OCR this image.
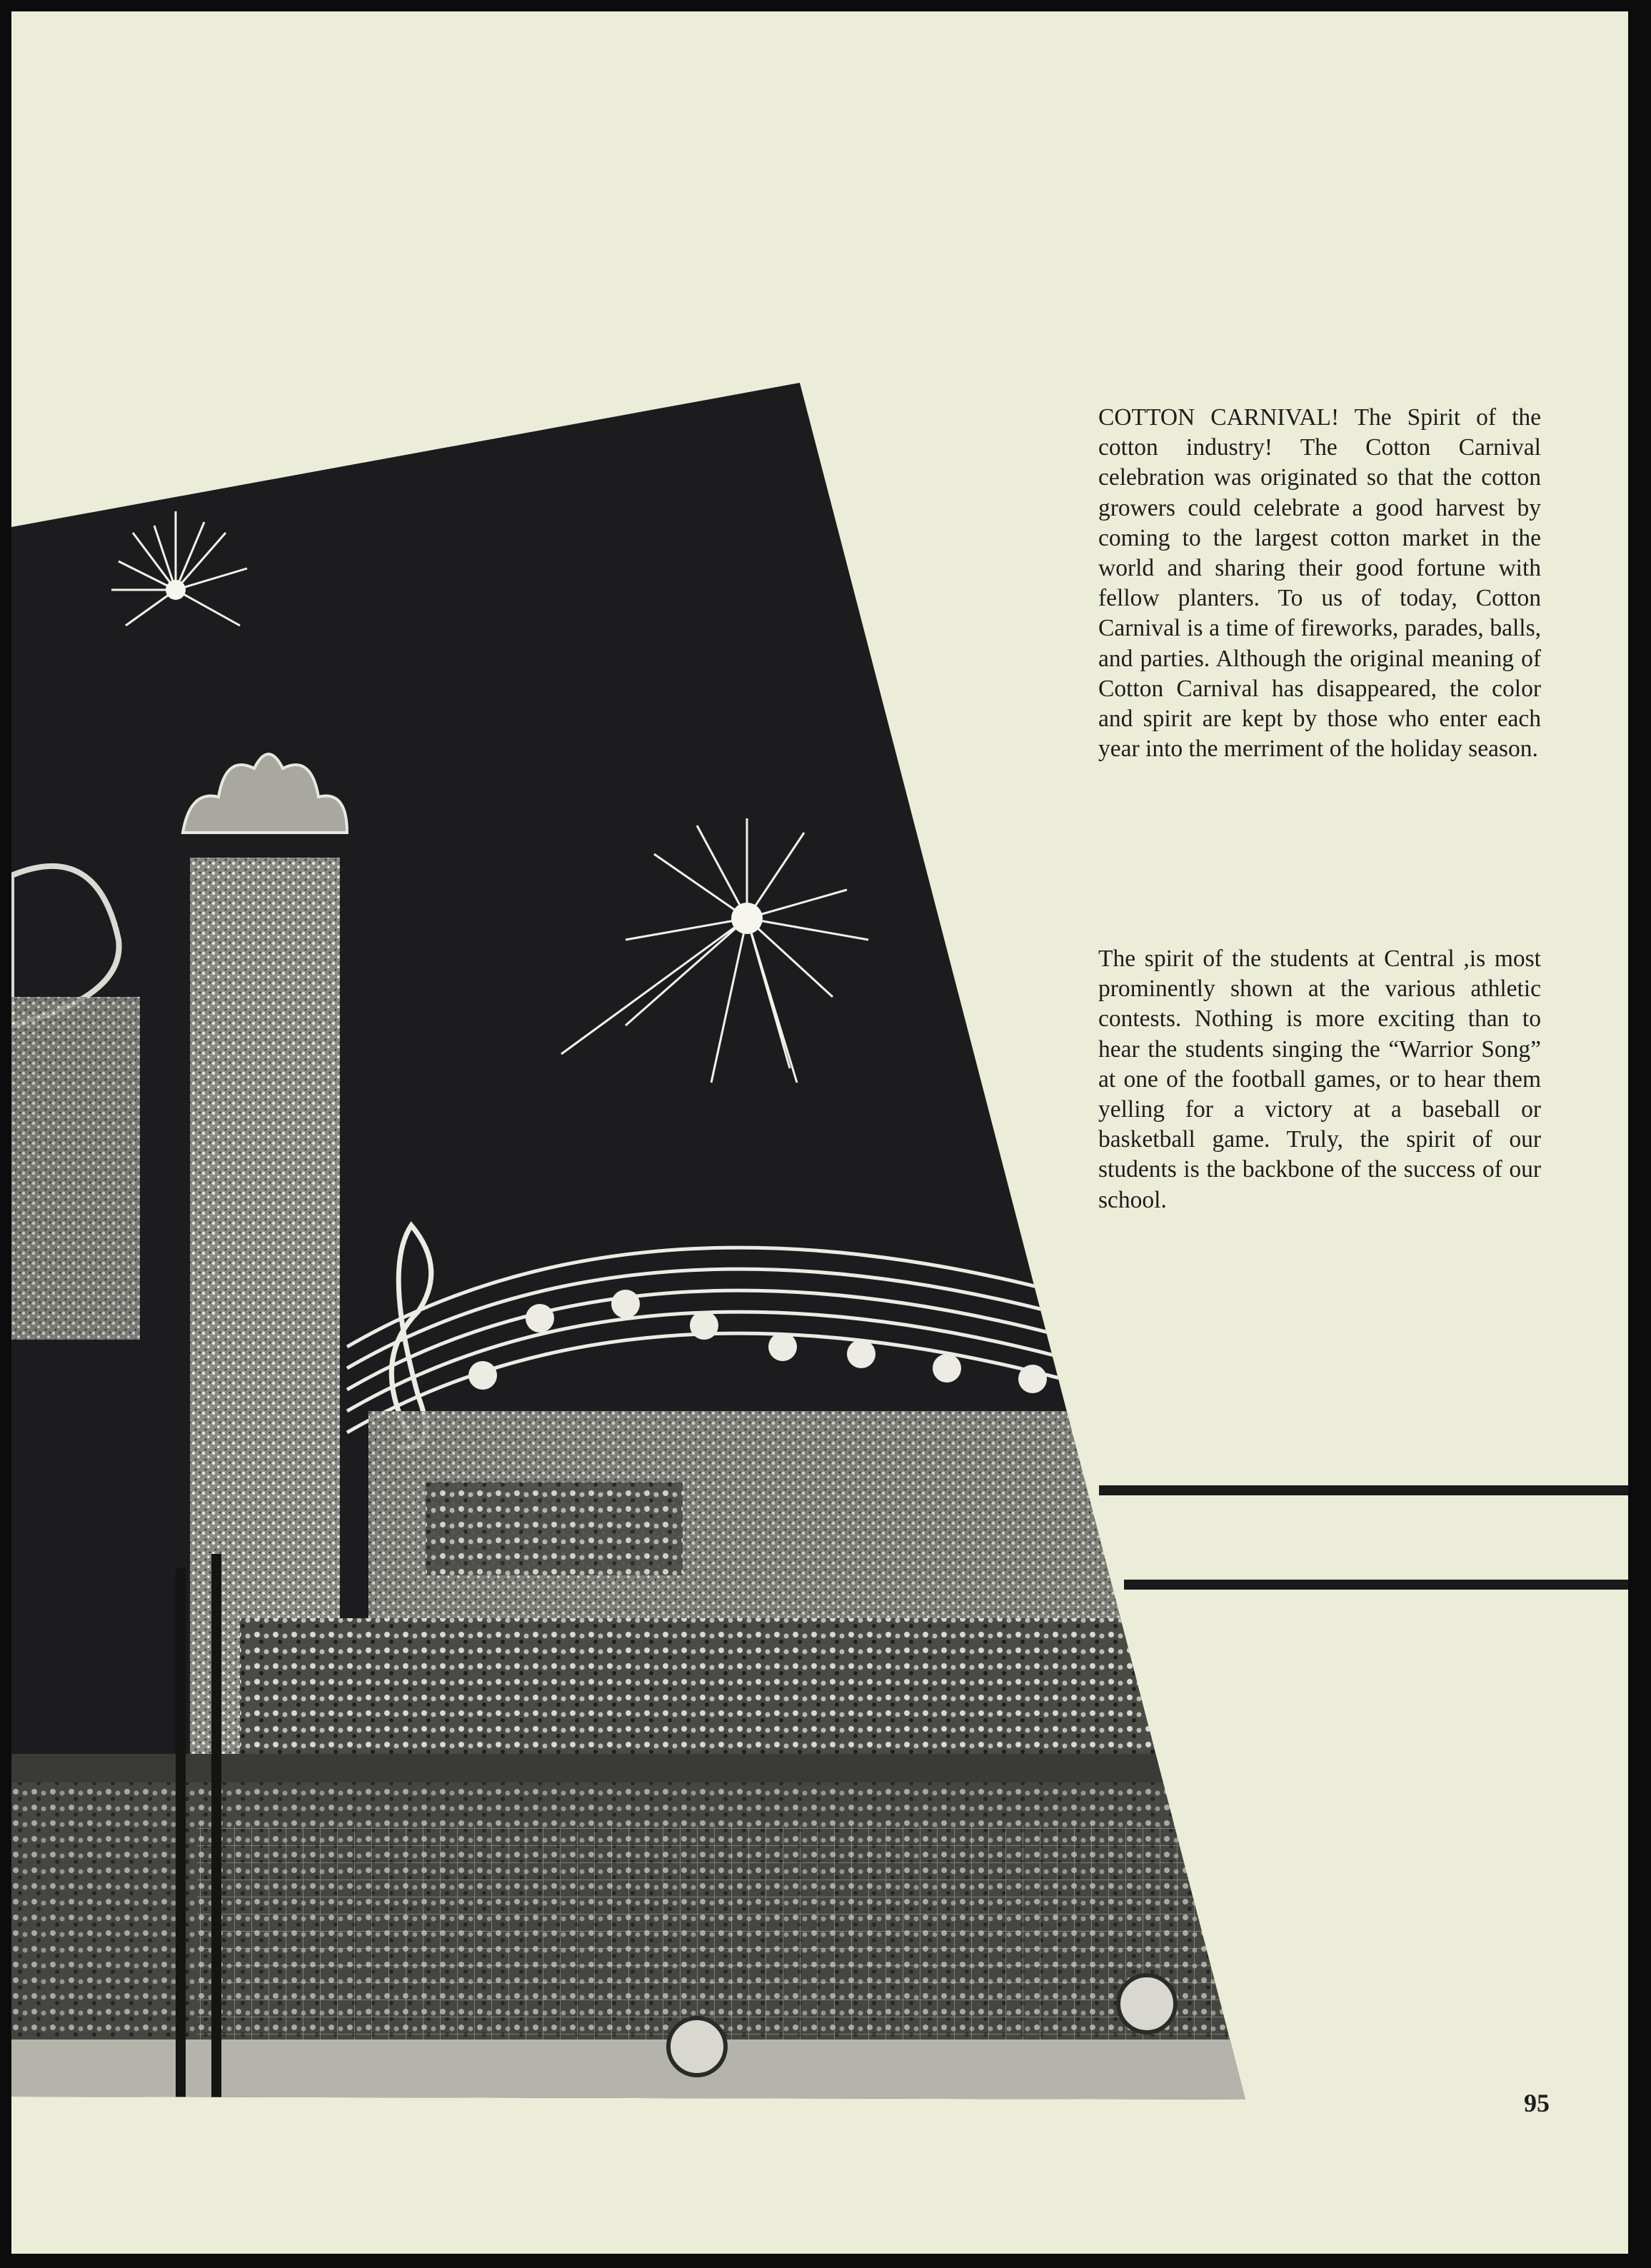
COTTON CARNIVAL! The Spirit of the cotton industry! The Cotton Carnival celebration was originated so that the cotton growers could celebrate a good harvest by coming to the largest cotton market in the world and sharing their good fortune with fellow planters. To us of today, Cotton Carnival is a time of fireworks, parades, balls, and parties. Although the original meaning of Cotton Carnival has disappeared, the color and spirit are kept by those who enter each year into the merriment of the holiday season.

The spirit of the students at Central ,is most prominently shown at the various athletic contests. Nothing is more exciting than to hear the students singing the “Warrior Song” at one of the football games, or to hear them yelling for a victory at a baseball or basketball game. Truly, the spirit of our students is the backbone of the success of our school.

95
